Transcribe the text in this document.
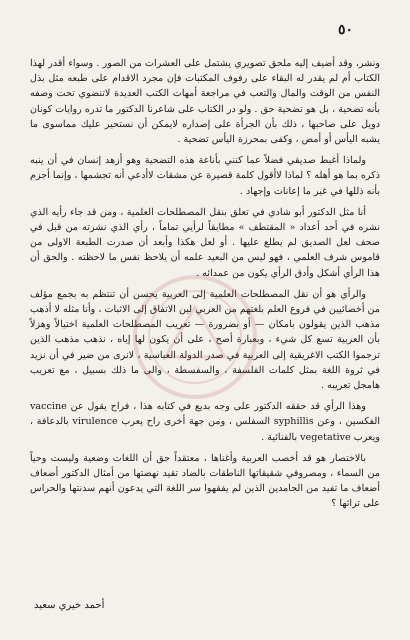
٥٠

ونشر، وقد أضيف إليه ملحق تصويري يشتمل على العشرات من الصور . وسواء أقدر لهذا الكتاب أم لم يقدر له البقاء على رفوف المكتبات فإن مجرد الاقدام على طبعه مثل بذل النفس من الوقت والمال والتعب في مراجعة أمهات الكتب العديدة لاتنضوي تحت وصفه بأنه تضحية ، بل هو تضحية حق . ولو در الكتاب على شاعرنا الدكتور ما تدره روايات كونان دويل على صاحبها ، ذلك بأن الجرأة على إصداره لايمكن أن نستحير عليك مماسوى ما يشبه اليأس أو أمض ، وكفى بمحرزة اليأس تضحية .

ولماذا أغبط صديقي فضلاً عما كنني بأناعة هذه التضحية وهو أزهد إنسان في أن ينبه ذكره بما هو أهله ؟ لماذا لاأقول كلمة قصيرة عن مشقات لاأدعي أنه تجشمها ، وإنما أجزم بأنه ذللها في غير ما إعانات وإجهاد .

أنا مثل الدكتور أبو شادي في تعلق بنقل المصطلحات العلمية ، ومن قد جاء رأيه الذي نشره في أحد أعداد « المقتطف » مطابقاً لرأيي تماماً ، رأي الذي نشرته من قبل في صحف لعل الصديق لم يطلع عليها . أو لعل هكذا وأبعد أن صدرت الطبعة الاولى من قاموس شرف العلمي ، فهو ليس من البعيد علمه أن يلاحظ نفس ما لاحظته . والحق أن هذا الرأي أشكل وأدق الرأي يكون من عمدائه .

والرأي هو أن نقل المصطلحات العلمية إلى العربية يحسن أن تنتظم به بجمع مؤلف من أخصائيين في فروع العلم بلغتهم من العربي لين الاتفاق إلى الاثبات ، وأنا مثله لا أذهب مذهب الذين يقولون بامكان — أو بضرورة — تعريب المصطلحات العلمية اختيالاً وهزلاً بأن العربية تسع كل شيء ، وبعبارة أصح ، على أن يكون لها إياه ، نذهب مذهب الذين ترجموا الكتب الاغريقية إلى العربية في صدر الدولة العباسية ، لانرى من ضير في أن نزيد في ثروة اللغة بمثل كلمات الفلسفة ، والسفسطة ، والى ما ذلك بسبيل ، مع تعريب هامجل تعريبه .

وهذا الرأي قد حققه الدكتور على وجه بديع في كتابه هذا ، فراح يقول عن vaccine الفكسين ، وعن syphillis السفلس ، ومن جهة أخرى راح يعرب virulence بالدعافة ، ويعرب vegetative بالفنائية .

بالاختصار هو قد أخصب العربية وأغناها ، معتقداً حق أن اللغات وضعية وليست وحياً من السماء ، ومصروفي شقيقاتها الناطقات بالضاد تقيد نهضتها من أمثال الدكتور أضعاف أضعاف ما تفيد من الجامدين الذين لم يفقهوا سر اللغة التي يدعون أنهم سدنتها والحراس على تراثها ؟

أحمد خيري سعيد
